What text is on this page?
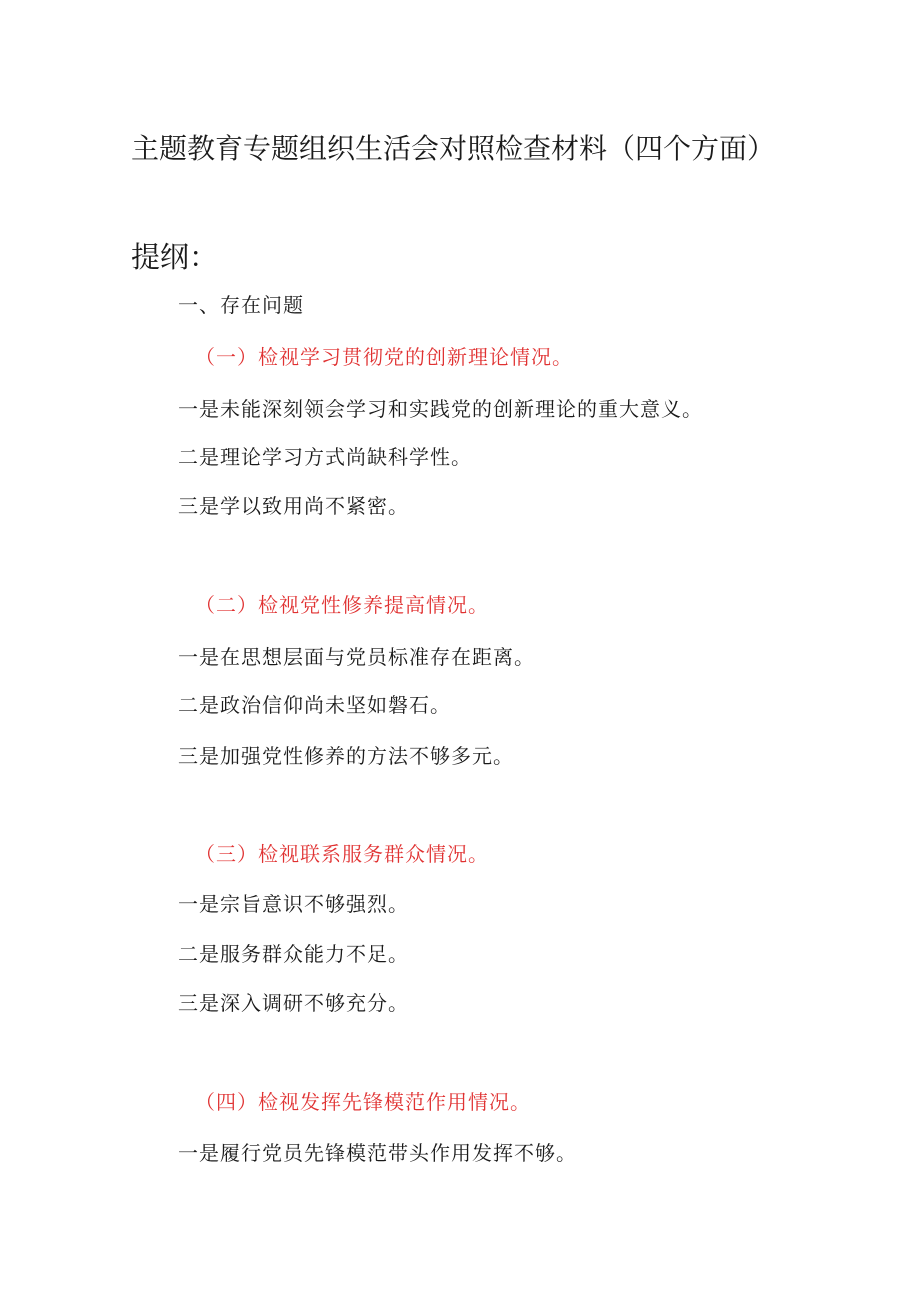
主题教育专题组织生活会对照检查材料（四个方面）
提纲：
一、存在问题
（一）检视学习贯彻党的创新理论情况。
一是未能深刻领会学习和实践党的创新理论的重大意义。
二是理论学习方式尚缺科学性。
三是学以致用尚不紧密。
（二）检视党性修养提高情况。
一是在思想层面与党员标准存在距离。
二是政治信仰尚未坚如磐石。
三是加强党性修养的方法不够多元。
（三）检视联系服务群众情况。
一是宗旨意识不够强烈。
二是服务群众能力不足。
三是深入调研不够充分。
（四）检视发挥先锋模范作用情况。
一是履行党员先锋模范带头作用发挥不够。
